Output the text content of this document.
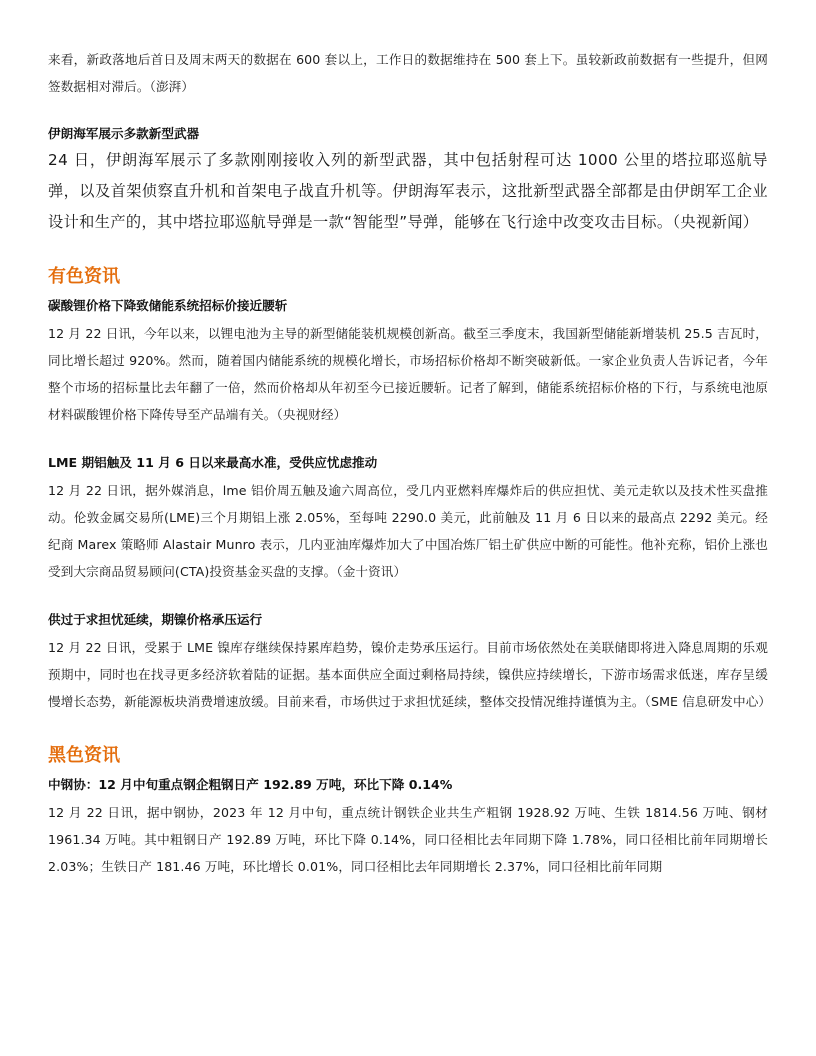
来看，新政落地后首日及周末两天的数据在 600 套以上，工作日的数据维持在 500 套上下。虽较新政前数据有一些提升，但网签数据相对滞后。（澎湃）

伊朗海军展示多款新型武器

24 日，伊朗海军展示了多款刚刚接收入列的新型武器，其中包括射程可达 1000 公里的塔拉耶巡航导弹，以及首架侦察直升机和首架电子战直升机等。伊朗海军表示，这批新型武器全部都是由伊朗军工企业设计和生产的，其中塔拉耶巡航导弹是一款“智能型”导弹，能够在飞行途中改变攻击目标。（央视新闻）

有色资讯

碳酸锂价格下降致储能系统招标价接近腰斩

12 月 22 日讯，今年以来，以锂电池为主导的新型储能装机规模创新高。截至三季度末，我国新型储能新增装机 25.5 吉瓦时，同比增长超过 920%。然而，随着国内储能系统的规模化增长，市场招标价格却不断突破新低。一家企业负责人告诉记者，今年整个市场的招标量比去年翻了一倍，然而价格却从年初至今已接近腰斩。记者了解到，储能系统招标价格的下行，与系统电池原材料碳酸锂价格下降传导至产品端有关。（央视财经）

LME 期铝触及 11 月 6 日以来最高水准，受供应忧虑推动

12 月 22 日讯，据外媒消息，lme 铝价周五触及逾六周高位，受几内亚燃料库爆炸后的供应担忧、美元走软以及技术性买盘推动。伦敦金属交易所(LME)三个月期铝上涨 2.05%，至每吨 2290.0 美元，此前触及 11 月 6 日以来的最高点 2292 美元。经纪商 Marex 策略师 Alastair Munro 表示，几内亚油库爆炸加大了中国冶炼厂铝土矿供应中断的可能性。他补充称，铝价上涨也受到大宗商品贸易顾问(CTA)投资基金买盘的支撑。（金十资讯）

供过于求担忧延续，期镍价格承压运行

12 月 22 日讯，受累于 LME 镍库存继续保持累库趋势，镍价走势承压运行。目前市场依然处在美联储即将进入降息周期的乐观预期中，同时也在找寻更多经济软着陆的证据。基本面供应全面过剩格局持续，镍供应持续增长，下游市场需求低迷，库存呈缓慢增长态势，新能源板块消费增速放缓。目前来看，市场供过于求担忧延续，整体交投情况维持谨慎为主。（SME 信息研发中心）

黑色资讯

中钢协：12 月中旬重点钢企粗钢日产 192.89 万吨，环比下降 0.14%

12 月 22 日讯，据中钢协，2023 年 12 月中旬，重点统计钢铁企业共生产粗钢 1928.92 万吨、生铁 1814.56 万吨、钢材 1961.34 万吨。其中粗钢日产 192.89 万吨，环比下降 0.14%，同口径相比去年同期下降 1.78%，同口径相比前年同期增长 2.03%；生铁日产 181.46 万吨，环比增长 0.01%，同口径相比去年同期增长 2.37%，同口径相比前年同期
